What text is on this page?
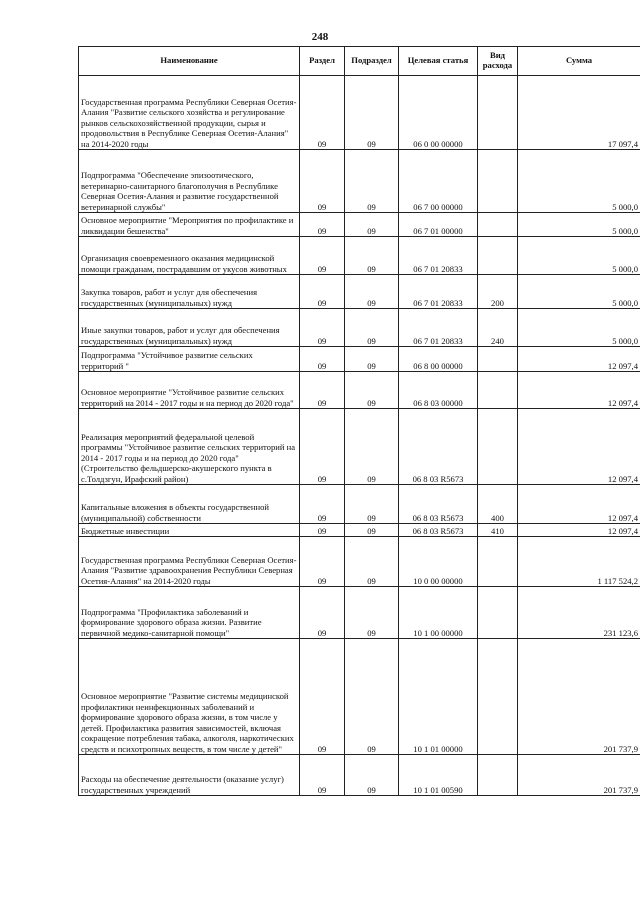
248
Наименование	Раздел	Подраздел	Целевая статья	Вид расхода	Сумма
Государственная программа Республики Северная Осетия-Алания "Развитие сельского хозяйства и регулирование рынков сельскохозяйственной продукции, сырья и продовольствия в Республике Северная Осетия-Алания" на 2014-2020 годы	09	09	06 0 00 00000		17 097,4
Подпрограмма "Обеспечение эпизоотического, ветеринарно-санитарного благополучия в Республике Северная Осетия-Алания и развитие государственной ветеринарной службы"	09	09	06 7 00 00000		5 000,0
Основное мероприятие "Мероприятия по профилактике и ликвидации бешенства"	09	09	06 7 01 00000		5 000,0
Организация своевременного оказания медицинской помощи гражданам, пострадавшим от укусов животных	09	09	06 7 01 20833		5 000,0
Закупка товаров, работ и услуг для обеспечения государственных (муниципальных) нужд	09	09	06 7 01 20833	200	5 000,0
Иные закупки товаров, работ и услуг для обеспечения государственных (муниципальных) нужд	09	09	06 7 01 20833	240	5 000,0
Подпрограмма "Устойчивое развитие сельских территорий "	09	09	06 8 00 00000		12 097,4
Основное мероприятие "Устойчивое развитие сельских территорий на 2014 - 2017 годы и на период до 2020 года"	09	09	06 8 03 00000		12 097,4
Реализация мероприятий федеральной целевой программы "Устойчивое развитие сельских территорий на 2014 - 2017 годы и на период до 2020 года" (Строительство фельдшерско-акушерского пункта в с.Толдзгун, Ирафский район)	09	09	06 8 03 R5673		12 097,4
Капитальные вложения в объекты государственной (муниципальной) собственности	09	09	06 8 03 R5673	400	12 097,4
Бюджетные инвестиции	09	09	06 8 03 R5673	410	12 097,4
Государственная программа Республики Северная Осетия-Алания "Развитие здравоохранения Республики Северная Осетия-Алания" на 2014-2020 годы	09	09	10 0 00 00000		1 117 524,2
Подпрограмма "Профилактика заболеваний и формирование здорового образа жизни. Развитие первичной медико-санитарной помощи"	09	09	10 1 00 00000		231 123,6
Основное мероприятие "Развитие системы медицинской профилактики неинфекционных заболеваний и формирование здорового образа жизни, в том числе у детей. Профилактика развития зависимостей, включая сокращение потребления табака, алкоголя, наркотических средств и психотропных веществ, в том числе у детей"	09	09	10 1 01 00000		201 737,9
Расходы на обеспечение деятельности (оказание услуг) государственных учреждений	09	09	10 1 01 00590		201 737,9
